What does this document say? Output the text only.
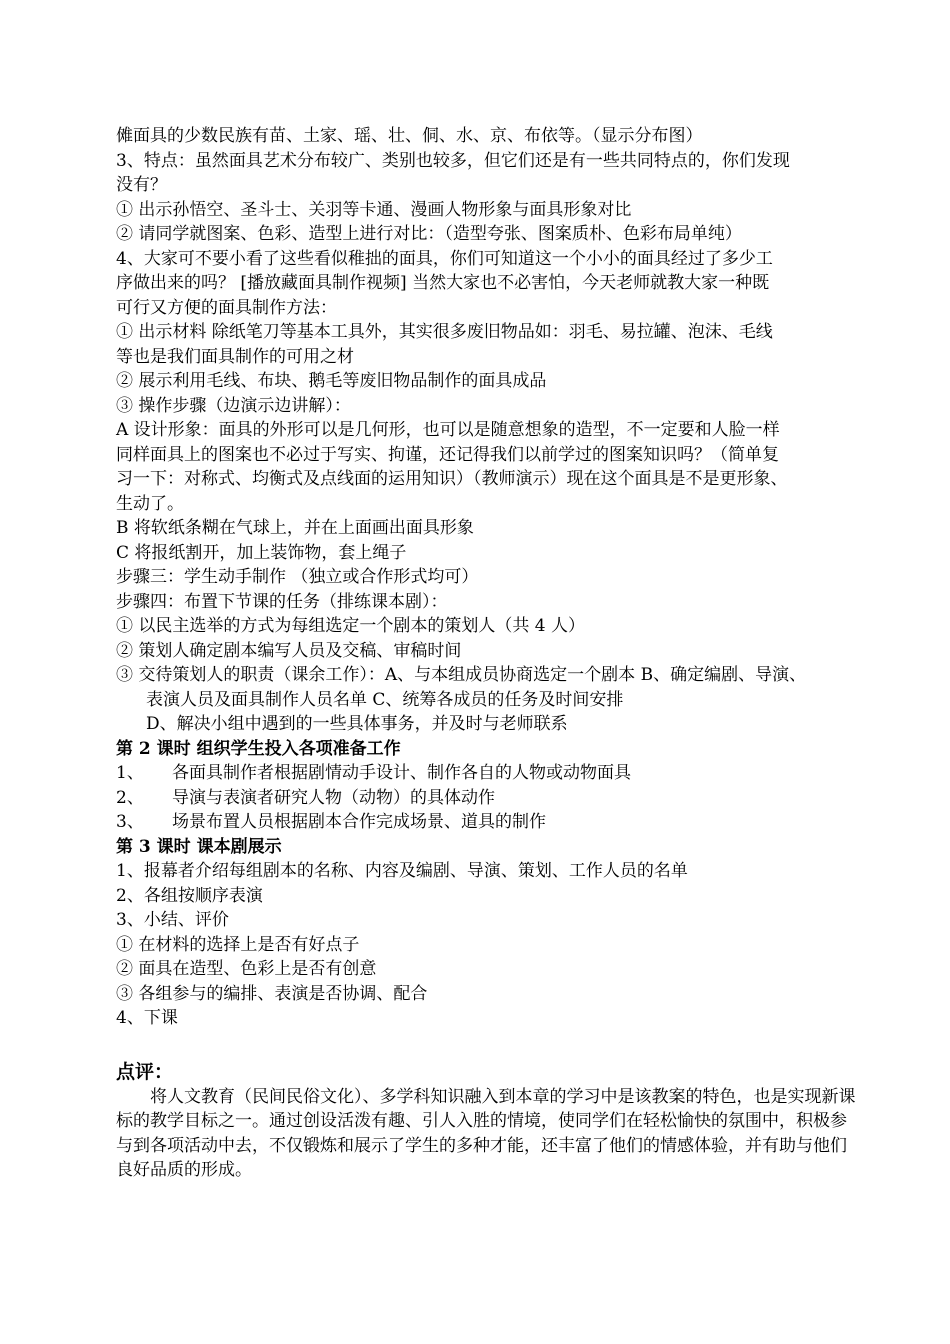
傩面具的少数民族有苗、土家、瑶、壮、侗、水、京、布依等。（显示分布图）
3、特点：虽然面具艺术分布较广、类别也较多，但它们还是有一些共同特点的，你们发现
没有？
① 出示孙悟空、圣斗士、关羽等卡通、漫画人物形象与面具形象对比
② 请同学就图案、色彩、造型上进行对比：（造型夸张、图案质朴、色彩布局单纯）
4、大家可不要小看了这些看似稚拙的面具，你们可知道这一个小小的面具经过了多少工
序做出来的吗？ [播放藏面具制作视频] 当然大家也不必害怕，今天老师就教大家一种既
可行又方便的面具制作方法：
① 出示材料 除纸笔刀等基本工具外，其实很多废旧物品如：羽毛、易拉罐、泡沫、毛线
等也是我们面具制作的可用之材
② 展示利用毛线、布块、鹅毛等废旧物品制作的面具成品
③ 操作步骤（边演示边讲解）：
A 设计形象：面具的外形可以是几何形，也可以是随意想象的造型，不一定要和人脸一样
同样面具上的图案也不必过于写实、拘谨，还记得我们以前学过的图案知识吗？（简单复
习一下：对称式、均衡式及点线面的运用知识）（教师演示）现在这个面具是不是更形象、
生动了。
B 将软纸条糊在气球上，并在上面画出面具形象
C 将报纸割开，加上装饰物，套上绳子
步骤三：学生动手制作 （独立或合作形式均可）
步骤四：布置下节课的任务（排练课本剧）：
① 以民主选举的方式为每组选定一个剧本的策划人（共 4 人）
② 策划人确定剧本编写人员及交稿、审稿时间
③ 交待策划人的职责（课余工作）：A、与本组成员协商选定一个剧本 B、确定编剧、导演、
表演人员及面具制作人员名单 C、统筹各成员的任务及时间安排
D、解决小组中遇到的一些具体事务，并及时与老师联系
第 2 课时 组织学生投入各项准备工作
1、 各面具制作者根据剧情动手设计、制作各自的人物或动物面具
2、 导演与表演者研究人物（动物）的具体动作
3、 场景布置人员根据剧本合作完成场景、道具的制作
第 3 课时 课本剧展示
1、报幕者介绍每组剧本的名称、内容及编剧、导演、策划、工作人员的名单
2、各组按顺序表演
3、小结、评价
① 在材料的选择上是否有好点子
② 面具在造型、色彩上是否有创意
③ 各组参与的编排、表演是否协调、配合
4、下课
点评：
将人文教育（民间民俗文化）、多学科知识融入到本章的学习中是该教案的特色，也是实现新课标的教学目标之一。通过创设活泼有趣、引人入胜的情境，使同学们在轻松愉快的氛围中，积极参与到各项活动中去，不仅锻炼和展示了学生的多种才能，还丰富了他们的情感体验，并有助与他们良好品质的形成。
